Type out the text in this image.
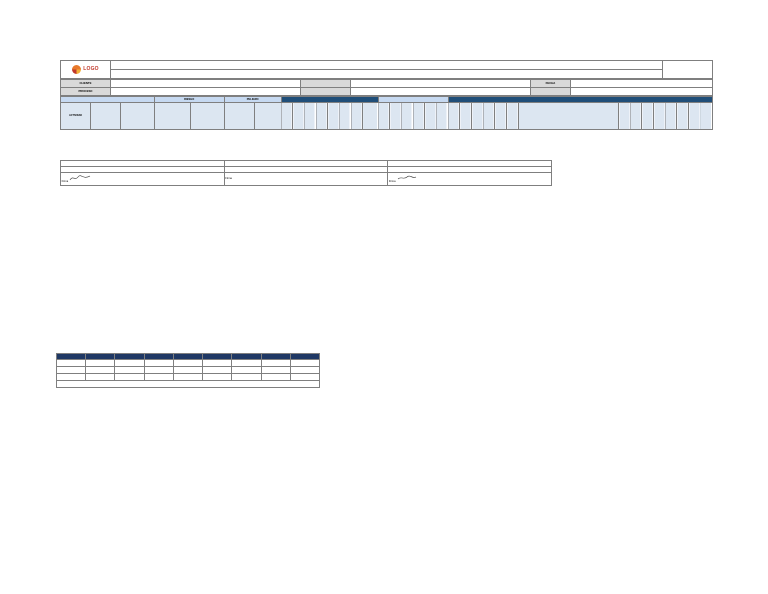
LOGO

CLIENTE				FECHA	
PROCESO					
			RIESGO		PELIGRO																														
ACTIVIDAD																																			

Firma	Firma	Firma
